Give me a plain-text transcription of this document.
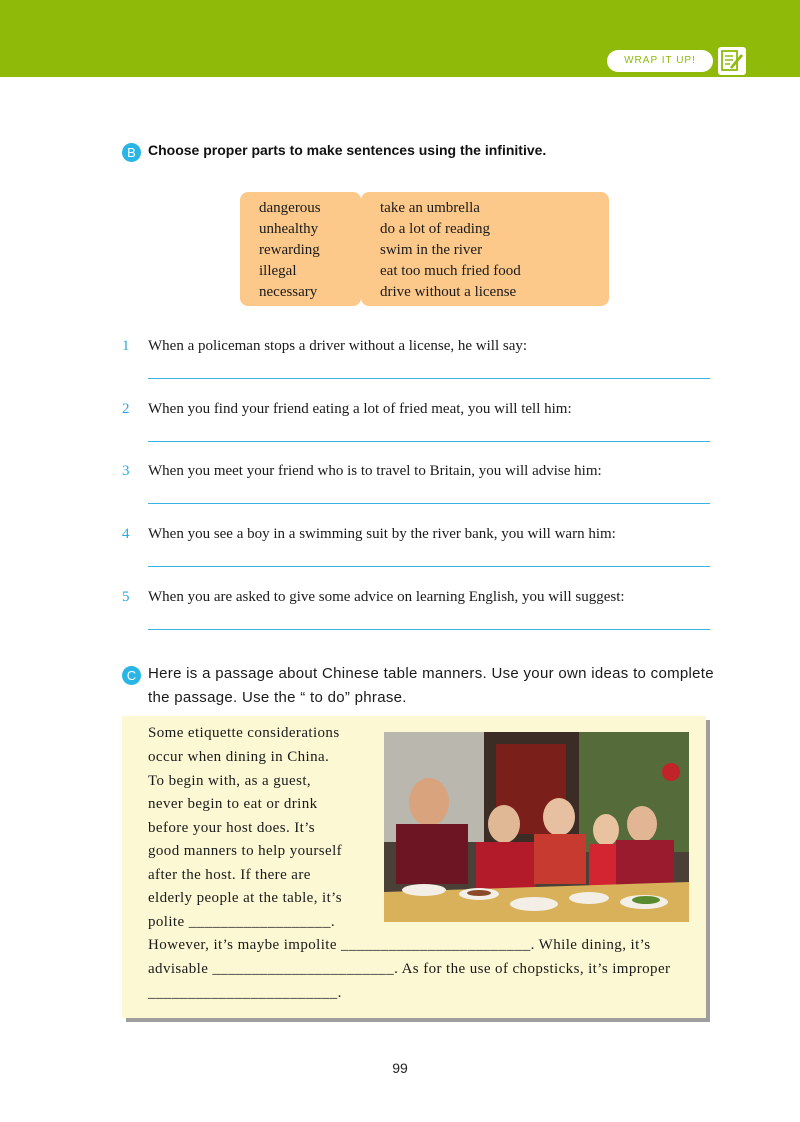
WRAP IT UP!
B Choose proper parts to make sentences using the infinitive.
dangerous
unhealthy
rewarding
illegal
necessary
take an umbrella
do a lot of reading
swim in the river
eat too much fried food
drive without a license
1 When a policeman stops a driver without a license, he will say:
2 When you find your friend eating a lot of fried meat, you will tell him:
3 When you meet your friend who is to travel to Britain, you will advise him:
4 When you see a boy in a swimming suit by the river bank, you will warn him:
5 When you are asked to give some advice on learning English, you will suggest:
C Here is a passage about Chinese table manners. Use your own ideas to complete the passage. Use the “ to do” phrase.
Some etiquette considerations
occur when dining in China.
To begin with, as a guest,
never begin to eat or drink
before your host does. It’s
good manners to help yourself
after the host. If there are
elderly people at the table, it’s
polite __________________.
However, it’s maybe impolite ________________________. While dining, it’s
advisable _______________________. As for the use of chopsticks, it’s improper
________________________.
99
